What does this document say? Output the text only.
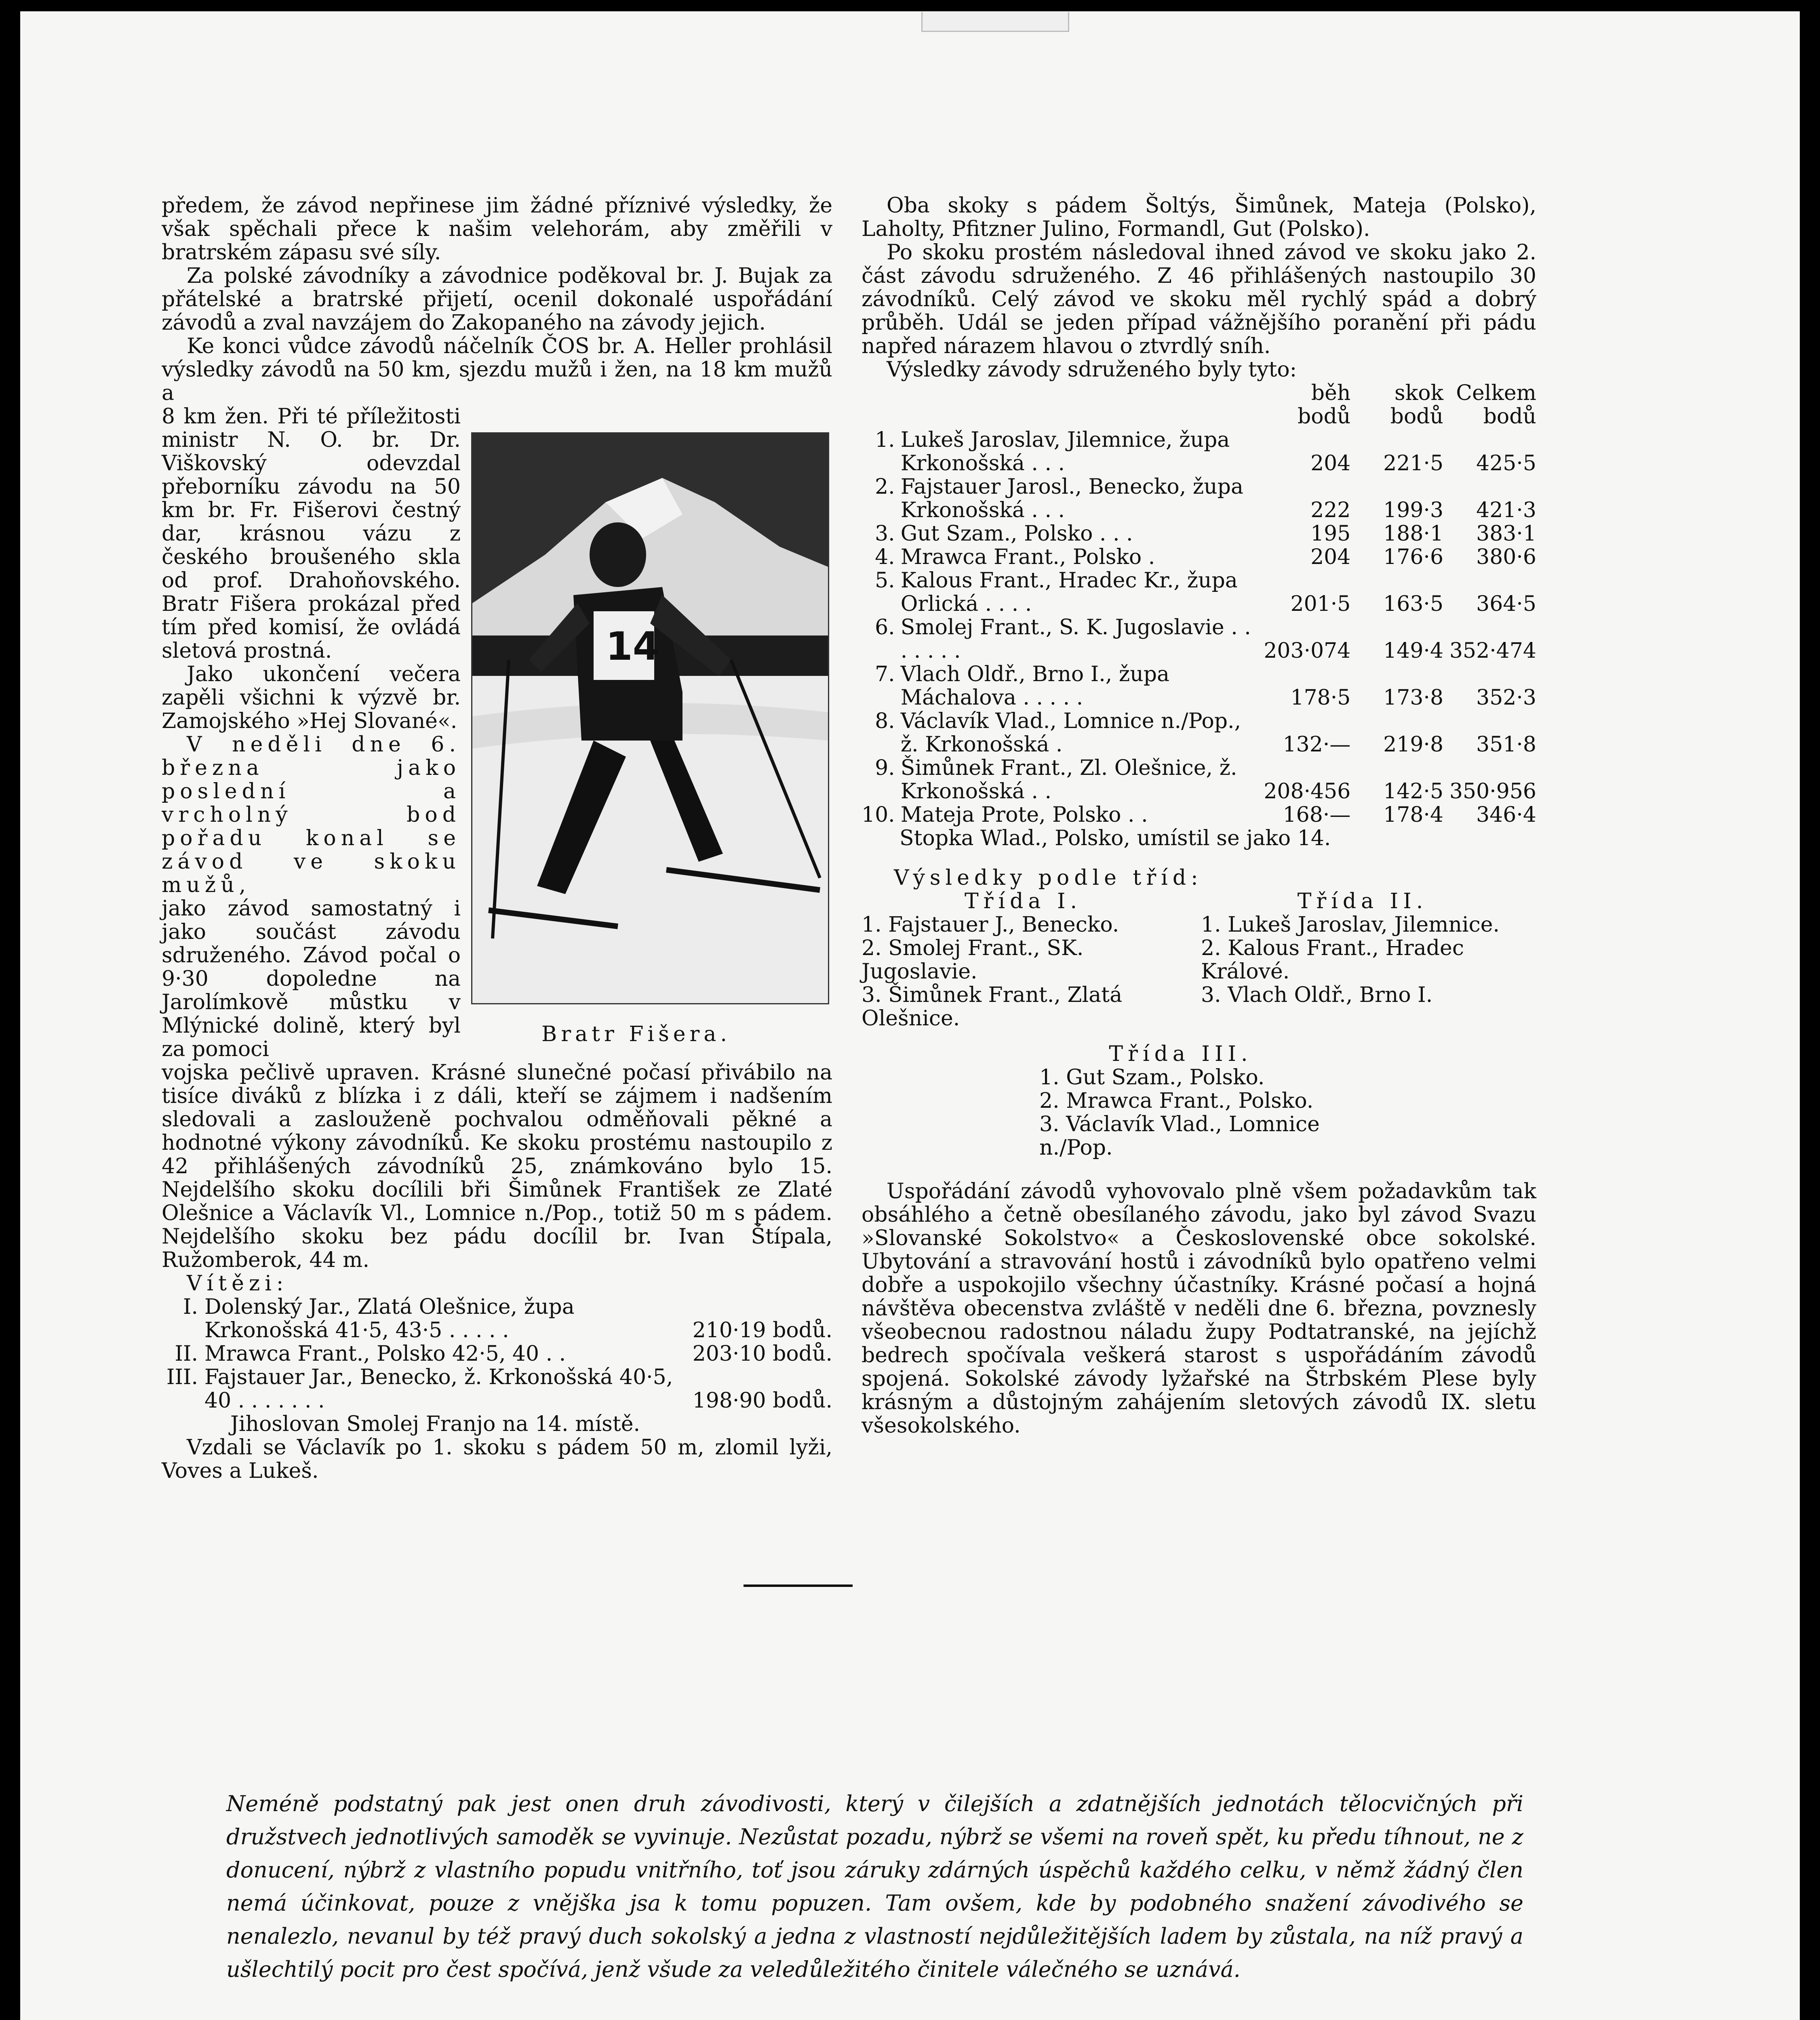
předem, že závod nepřinese jim žádné příznivé výsledky, že však spěchali přece k našim velehorám, aby změřili v bratrském zápasu své síly.

Za polské závodníky a závodnice poděkoval br. J. Bujak za přátelské a bratrské přijetí, ocenil dokonalé uspořádání závodů a zval navzájem do Zakopaného na závody jejich.

Ke konci vůdce závodů náčelník ČOS br. A. Heller prohlásil výsledky závodů na 50 km, sjezdu mužů i žen, na 18 km mužů a

8 km žen. Při té příležitosti ministr N. O. br. Dr. Viškovský odevzdal přeborníku závodu na 50 km br. Fr. Fišerovi čestný dar, krásnou vázu z českého broušeného skla od prof. Drahoňovského. Bratr Fišera prokázal před tím před komisí, že ovládá sletová prostná.

Jako ukončení večera zapěli všichni k výzvě br. Zamojského »Hej Slované«.

V neděli dne 6. března jako poslední a vrcholný bod pořadu konal se závod ve skoku mužů,

jako závod samostatný i jako součást závodu sdruženého. Závod počal o 9·30 dopoledne na Jarolímkově můstku v Mlýnické dolině, který byl za pomoci

vojska pečlivě upraven. Krásné slunečné počasí přivábilo na tisíce diváků z blízka i z dáli, kteří se zájmem i nadšením sledovali a zaslouženě pochvalou odměňovali pěkné a hodnotné výkony závodníků. Ke skoku prostému nastoupilo z 42 přihlášených závodníků 25, známkováno bylo 15. Nejdelšího skoku docílili bři Šimůnek František ze Zlaté Olešnice a Václavík Vl., Lomnice n./Pop., totiž 50 m s pádem. Nejdelšího skoku bez pádu docílil br. Ivan Štípala, Ružomberok, 44 m.

Vítězi:

I.	Dolenský Jar., Zlatá Olešnice, župa Krkonošská 41·5, 43·5 . . . . .	210·19 bodů.
II.	Mrawca Frant., Polsko 42·5, 40 . .	203·10 bodů.
III.	Fajstauer Jar., Benecko, ž. Krkonošská 40·5, 40 . . . . . . .	198·90 bodů.

Jihoslovan Smolej Franjo na 14. místě.

Vzdali se Václavík po 1. skoku s pádem 50 m, zlomil lyži, Voves a Lukeš.

14
Bratr Fišera.

Oba skoky s pádem Šoltýs, Šimůnek, Mateja (Polsko), Laholty, Pfitzner Julino, Formandl, Gut (Polsko).

Po skoku prostém následoval ihned závod ve skoku jako 2. část závodu sdruženého. Z 46 přihlášených nastoupilo 30 závodníků. Celý závod ve skoku měl rychlý spád a dobrý průběh. Udál se jeden případ vážnějšího poranění při pádu napřed nárazem hlavou o ztvrdlý sníh.

Výsledky závody sdruženého byly tyto:

		běh bodů	skok bodů	Celkem bodů
1.	Lukeš Jaroslav, Jilemnice, župa Krkonošská . . .	204	221·5	425·5
2.	Fajstauer Jarosl., Benecko, župa Krkonošská . . .	222	199·3	421·3
3.	Gut Szam., Polsko . . .	195	188·1	383·1
4.	Mrawca Frant., Polsko .	204	176·6	380·6
5.	Kalous Frant., Hradec Kr., župa Orlická . . . .	201·5	163·5	364·5
6.	Smolej Frant., S. K. Jugoslavie . . . . . . .	203·074	149·4	352·474
7.	Vlach Oldř., Brno I., župa Máchalova . . . . .	178·5	173·8	352·3
8.	Václavík Vlad., Lomnice n./Pop., ž. Krkonošská .	132·—	219·8	351·8
9.	Šimůnek Frant., Zl. Olešnice, ž. Krkonošská . .	208·456	142·5	350·956
10.	Mateja Prote, Polsko . .	168·—	178·4	346·4

Stopka Wlad., Polsko, umístil se jako 14.

Výsledky podle tříd:

Třída I.

1. Fajstauer J., Benecko.
2. Smolej Frant., SK. Jugoslavie.
3. Šimůnek Frant., Zlatá Olešnice.

Třída II.

1. Lukeš Jaroslav, Jilemnice.
2. Kalous Frant., Hradec Králové.
3. Vlach Oldř., Brno I.

Třída III.

1. Gut Szam., Polsko.
2. Mrawca Frant., Polsko.
3. Václavík Vlad., Lomnice n./Pop.

Uspořádání závodů vyhovovalo plně všem požadavkům tak obsáhlého a četně obesílaného závodu, jako byl závod Svazu »Slovanské Sokolstvo« a Československé obce sokolské. Ubytování a stravování hostů i závodníků bylo opatřeno velmi dobře a uspokojilo všechny účastníky. Krásné počasí a hojná návštěva obecenstva zvláště v neděli dne 6. března, povznesly všeobecnou radostnou náladu župy Podtatranské, na jejíchž bedrech spočívala veškerá starost s uspořádáním závodů spojená. Sokolské závody lyžařské na Štrbském Plese byly krásným a důstojným zahájením sletových závodů IX. sletu všesokolského.

Neméně podstatný pak jest onen druh závodivosti, který v čilejších a zdatnějších jednotách tělocvičných při družstvech jednotlivých samoděk se vyvinuje. Nezůstat pozadu, nýbrž se všemi na roveň spět, ku předu tíhnout, ne z donucení, nýbrž z vlastního popudu vnitřního, toť jsou záruky zdárných úspěchů každého celku, v němž žádný člen nemá účinkovat, pouze z vnějška jsa k tomu popuzen. Tam ovšem, kde by podobného snažení závodivého se nenalezlo, nevanul by též pravý duch sokolský a jedna z vlastností nejdůležitějších ladem by zůstala, na níž pravý a ušlechtilý pocit pro čest spočívá, jenž všude za veledůležitého činitele válečného se uznává.
